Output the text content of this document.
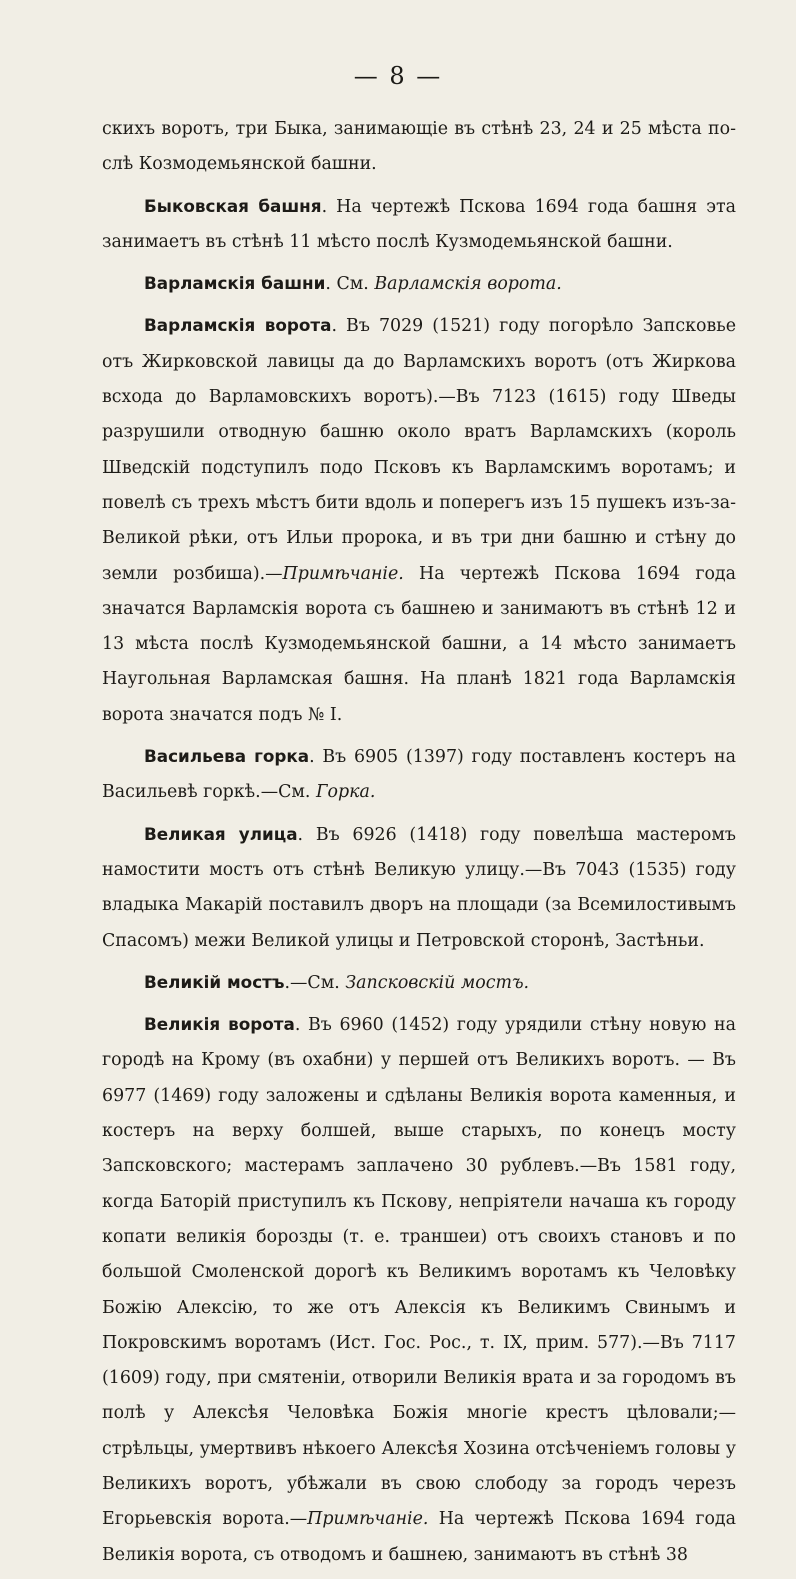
— 8 —

скихъ воротъ, три Быка, занимающіе въ стѣнѣ 23, 24 и 25 мѣста по-слѣ Козмодемьянской башни.

Быковская башня. На чертежѣ Пскова 1694 года башня эта занимаетъ въ стѣнѣ 11 мѣсто послѣ Кузмодемьянской башни.

Варламскія башни. См. Варламскія ворота.

Варламскія ворота. Въ 7029 (1521) году погорѣло Запсковье отъ Жирковской лавицы да до Варламскихъ воротъ (отъ Жиркова всхода до Варламовскихъ воротъ).—Въ 7123 (1615) году Шведы разрушили отводную башню около вратъ Варламскихъ (король Шведскій подступилъ подо Псковъ къ Варламскимъ воротамъ; и повелѣ съ трехъ мѣстъ бити вдоль и поперегъ изъ 15 пушекъ изъ-за-Великой рѣки, отъ Ильи пророка, и въ три дни башню и стѣну до земли розбиша).—Примѣчаніе. На чертежѣ Пскова 1694 года значатся Варламскія ворота съ башнею и занимаютъ въ стѣнѣ 12 и 13 мѣста послѣ Кузмодемьянской башни, а 14 мѣсто занимаетъ Наугольная Варламская башня. На планѣ 1821 года Варламскія ворота значатся подъ № I.

Васильева горка. Въ 6905 (1397) году поставленъ костеръ на Васильевѣ горкѣ.—См. Горка.

Великая улица. Въ 6926 (1418) году повелѣша мастеромъ намостити мостъ отъ стѣнѣ Великую улицу.—Въ 7043 (1535) году владыка Макарій поставилъ дворъ на площади (за Всемилостивымъ Спасомъ) межи Великой улицы и Петровской сторонѣ, Застѣньи.

Великій мостъ.—См. Запсковскій мостъ.

Великія ворота. Въ 6960 (1452) году урядили стѣну новую на городѣ на Крому (въ охабни) у першей отъ Великихъ воротъ. — Въ 6977 (1469) году заложены и сдѣланы Великія ворота каменныя, и костеръ на верху болшей, выше старыхъ, по конецъ мосту Запсковского; мастерамъ заплачено 30 рублевъ.—Въ 1581 году, когда Баторій приступилъ къ Пскову, непріятели начаша къ городу копати великія борозды (т. е. траншеи) отъ своихъ становъ и по большой Смоленской дорогѣ къ Великимъ воротамъ къ Человѣку Божію Алексію, то же отъ Алексія къ Великимъ Свинымъ и Покровскимъ воротамъ (Ист. Гос. Рос., т. IX, прим. 577).—Въ 7117 (1609) году, при смятеніи, отворили Великія врата и за городомъ въ полѣ у Алексѣя Человѣка Божія многіе крестъ цѣловали;—стрѣльцы, умертвивъ нѣкоего Алексѣя Хозина отсѣченіемъ головы у Великихъ воротъ, убѣжали въ свою слободу за городъ черезъ Егорьевскія ворота.—Примѣчаніе. На чертежѣ Пскова 1694 года Великія ворота, съ отводомъ и башнею, занимаютъ въ стѣнѣ 38
